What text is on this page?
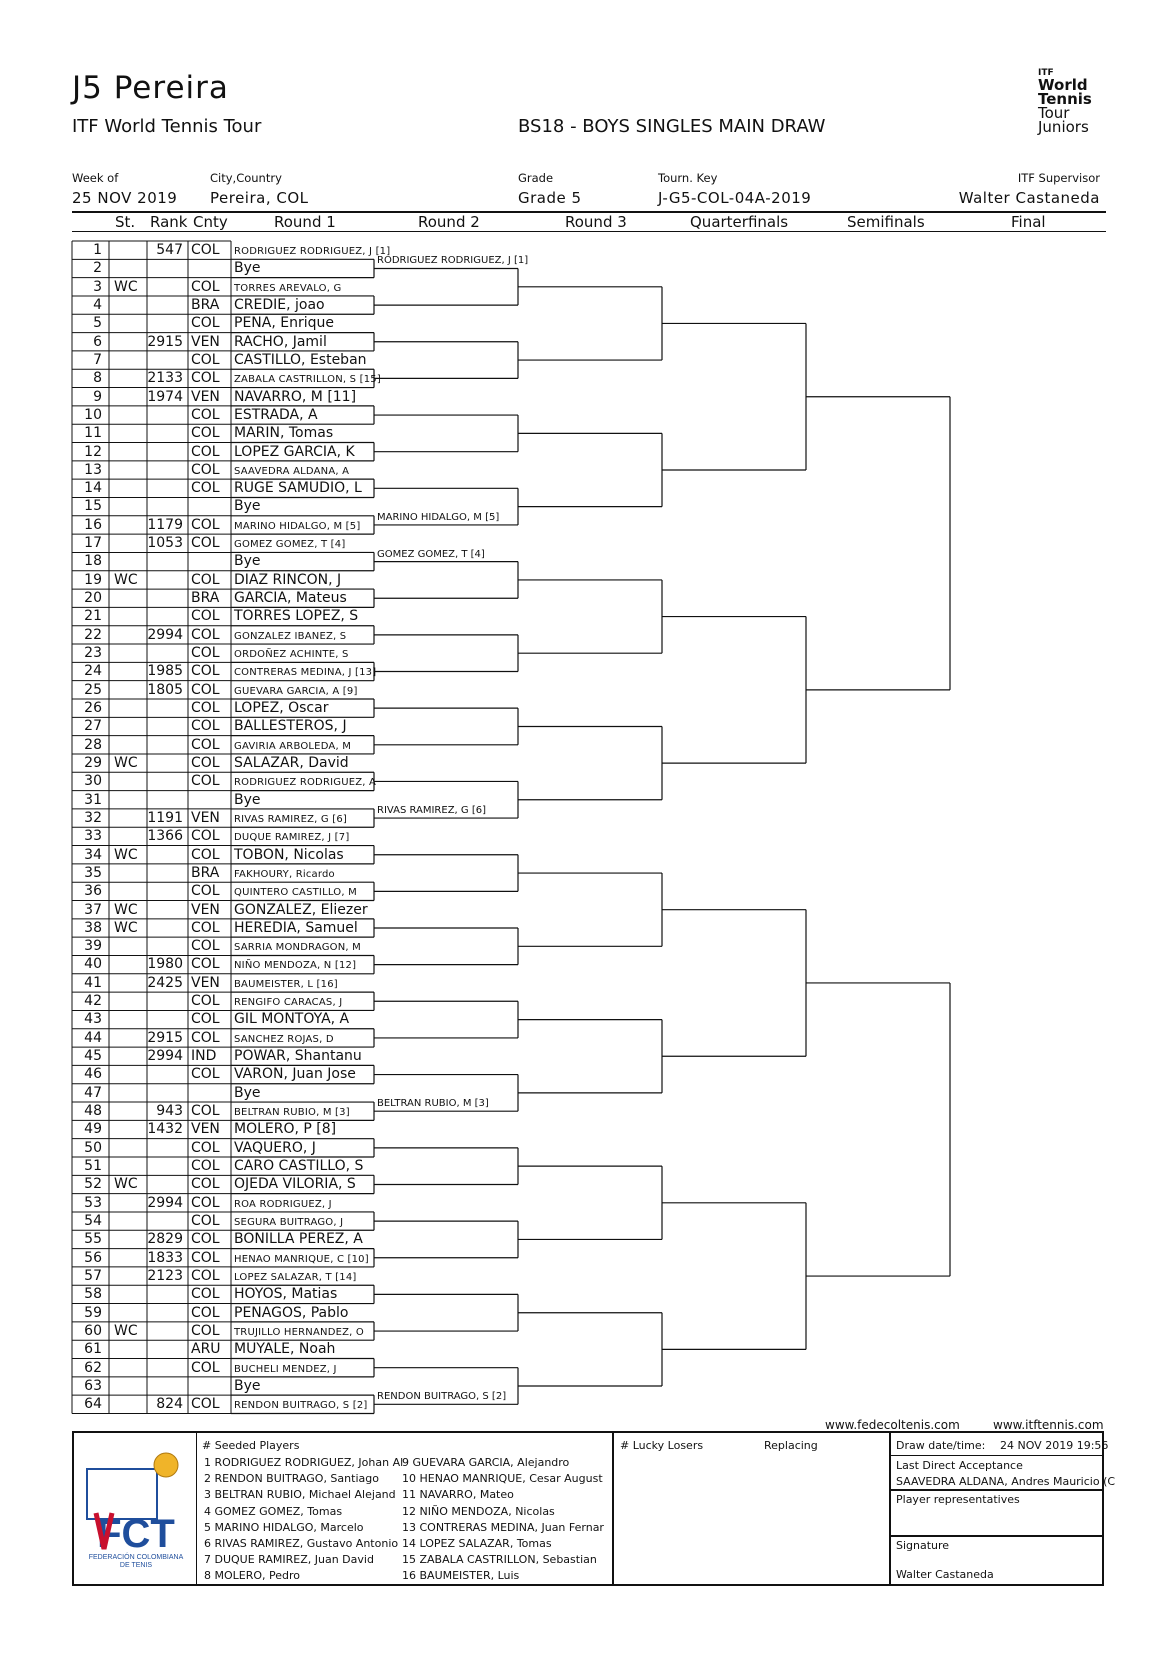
J5 Pereira
ITF World Tennis Tour	BS18 - BOYS SINGLES MAIN DRAW
ITF
World
Tennis
Tour
Juniors
Week of
25 NOV 2019
City,Country
Pereira, COL
Grade
Grade 5
Tourn. Key
J-G5-COL-04A-2019
ITF Supervisor
Walter Castaneda
St. Rank Cnty	Round 1	Round 2	Round 3	Quarterfinals	Semifinals	Final
1	547 COL	RODRIGUEZ RODRIGUEZ, J [1]
2	Bye
3 WC	COL	TORRES AREVALO, G
4	BRA	CREDIE, joao
5	COL	PENA, Enrique
6	2915 VEN	RACHO, Jamil
7	COL	CASTILLO, Esteban
8	2133 COL	ZABALA CASTRILLON, S [15]
9	1974 VEN	NAVARRO, M [11]
10	COL	ESTRADA, A
11	COL	MARIN, Tomas
12	COL	LOPEZ GARCIA, K
13	COL	SAAVEDRA ALDANA, A
14	COL	RUGE SAMUDIO, L
15	Bye
16	1179 COL	MARINO HIDALGO, M [5]
17	1053 COL	GOMEZ GOMEZ, T [4]
18	Bye
19 WC	COL	DIAZ RINCON, J
20	BRA	GARCIA, Mateus
21	COL	TORRES LOPEZ, S
22	2994 COL	GONZALEZ IBANEZ, S
23	COL	ORDOÑEZ ACHINTE, S
24	1985 COL	CONTRERAS MEDINA, J [13]
25	1805 COL	GUEVARA GARCIA, A [9]
26	COL	LOPEZ, Oscar
27	COL	BALLESTEROS, J
28	COL	GAVIRIA ARBOLEDA, M
29 WC	COL	SALAZAR, David
30	COL	RODRIGUEZ RODRIGUEZ, A
31	Bye
32	1191 VEN	RIVAS RAMIREZ, G [6]
33	1366 COL	DUQUE RAMIREZ, J [7]
34 WC	COL	TOBON, Nicolas
35	BRA	FAKHOURY, Ricardo
36	COL	QUINTERO CASTILLO, M
37 WC	VEN	GONZALEZ, Eliezer
38 WC	COL	HEREDIA, Samuel
39	COL	SARRIA MONDRAGON, M
40	1980 COL	NIÑO MENDOZA, N [12]
41	2425 VEN	BAUMEISTER, L [16]
42	COL	RENGIFO CARACAS, J
43	COL	GIL MONTOYA, A
44	2915 COL	SANCHEZ ROJAS, D
45	2994 IND	POWAR, Shantanu
46	COL	VARON, Juan Jose
47	Bye
48	943 COL	BELTRAN RUBIO, M [3]
49	1432 VEN	MOLERO, P [8]
50	COL	VAQUERO, J
51	COL	CARO CASTILLO, S
52 WC	COL	OJEDA VILORIA, S
53	2994 COL	ROA RODRIGUEZ, J
54	COL	SEGURA BUITRAGO, J
55	2829 COL	BONILLA PEREZ, A
56	1833 COL	HENAO MANRIQUE, C [10]
57	2123 COL	LOPEZ SALAZAR, T [14]
58	COL	HOYOS, Matias
59	COL	PENAGOS, Pablo
60 WC	COL	TRUJILLO HERNANDEZ, O
61	ARU MUYALE, Noah
62	COL	BUCHELI MENDEZ, J
63	Bye
64	824 COL	RENDON BUITRAGO, S [2]
RODRIGUEZ RODRIGUEZ, J [1]
MARINO HIDALGO, M [5]
GOMEZ GOMEZ, T [4]
RIVAS RAMIREZ, G [6]
BELTRAN RUBIO, M [3]
RENDON BUITRAGO, S [2]
www.fedecoltenis.com	www.itftennis.com
FCT
FEDERACIÓN COLOMBIANA
DE TENIS
# Seeded Players
1 RODRIGUEZ RODRIGUEZ, Johan Al
2 RENDON BUITRAGO, Santiago
3 BELTRAN RUBIO, Michael Alejand
4 GOMEZ GOMEZ, Tomas
5 MARINO HIDALGO, Marcelo
6 RIVAS RAMIREZ, Gustavo Antonio
7 DUQUE RAMIREZ, Juan David
8 MOLERO, Pedro
9 GUEVARA GARCIA, Alejandro
10 HENAO MANRIQUE, Cesar August
11 NAVARRO, Mateo
12 NIÑO MENDOZA, Nicolas
13 CONTRERAS MEDINA, Juan Fernar
14 LOPEZ SALAZAR, Tomas
15 ZABALA CASTRILLON, Sebastian
16 BAUMEISTER, Luis
# Lucky Losers	Replacing	Draw date/time: 24 NOV 2019 19:56
Last Direct Acceptance
SAAVEDRA ALDANA, Andres Mauricio (C
Player representatives
Signature
Walter Castaneda
